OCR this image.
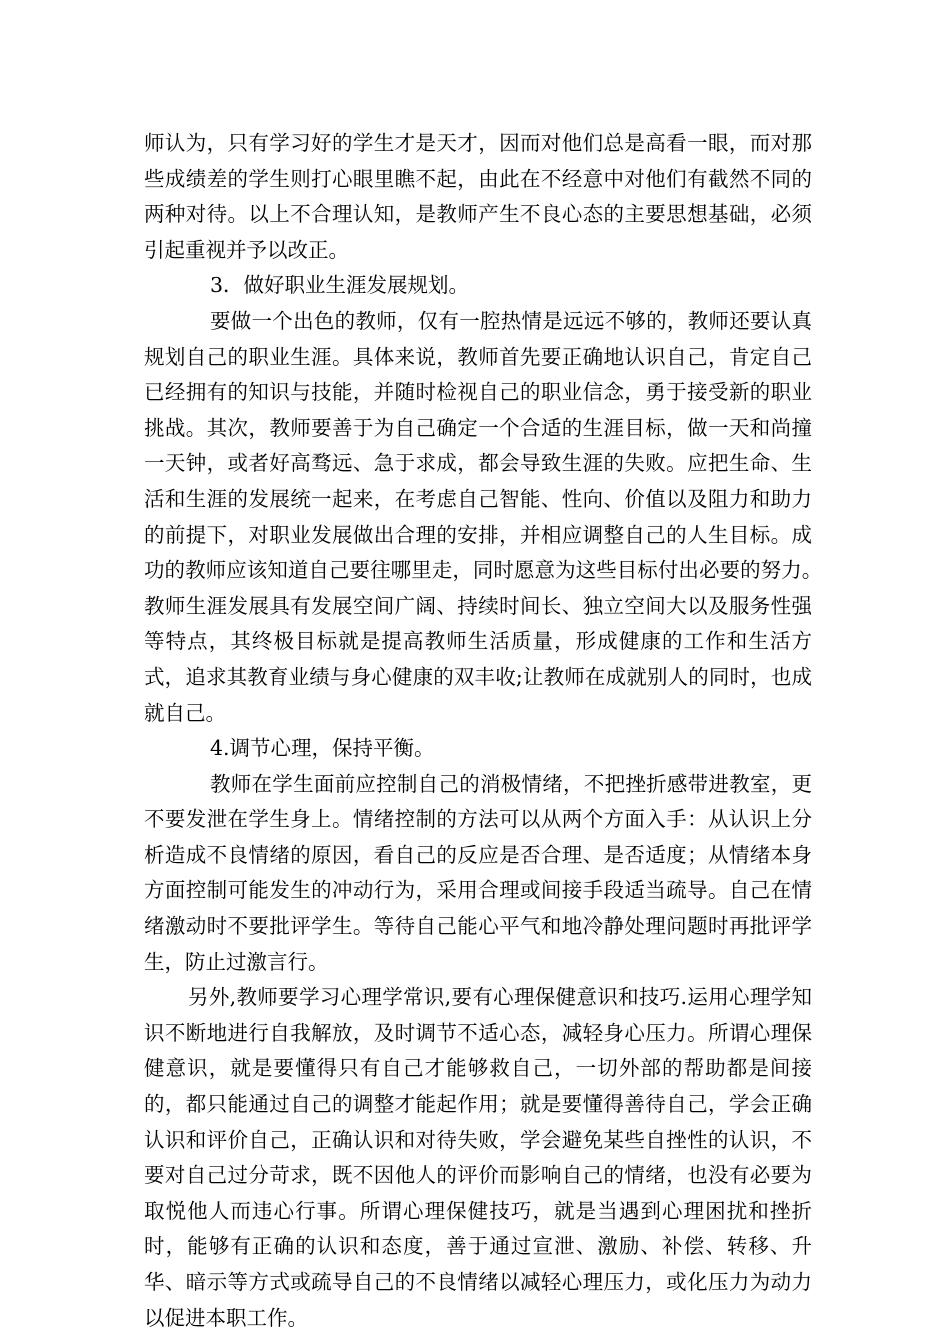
师认为，只有学习好的学生才是天才，因而对他们总是高看一眼，而对那些成绩差的学生则打心眼里瞧不起，由此在不经意中对他们有截然不同的两种对待。以上不合理认知，是教师产生不良心态的主要思想基础，必须引起重视并予以改正。

3．做好职业生涯发展规划。

要做一个出色的教师，仅有一腔热情是远远不够的，教师还要认真规划自己的职业生涯。具体来说，教师首先要正确地认识自己，肯定自己已经拥有的知识与技能，并随时检视自己的职业信念，勇于接受新的职业挑战。其次，教师要善于为自己确定一个合适的生涯目标，做一天和尚撞一天钟，或者好高骛远、急于求成，都会导致生涯的失败。应把生命、生活和生涯的发展统一起来，在考虑自己智能、性向、价值以及阻力和助力的前提下，对职业发展做出合理的安排，并相应调整自己的人生目标。成功的教师应该知道自己要往哪里走，同时愿意为这些目标付出必要的努力。　教师生涯发展具有发展空间广阔、持续时间长、独立空间大以及服务性强等特点，其终极目标就是提高教师生活质量，形成健康的工作和生活方式，追求其教育业绩与身心健康的双丰收;让教师在成就别人的同时，也成就自己。

4.调节心理，保持平衡。

教师在学生面前应控制自己的消极情绪，不把挫折感带进教室，更不要发泄在学生身上。情绪控制的方法可以从两个方面入手：从认识上分析造成不良情绪的原因，看自己的反应是否合理、是否适度；从情绪本身方面控制可能发生的冲动行为，采用合理或间接手段适当疏导。自己在情绪激动时不要批评学生。等待自己能心平气和地冷静处理问题时再批评学生，防止过激言行。

另外,教师要学习心理学常识,要有心理保健意识和技巧.运用心理学知识不断地进行自我解放，及时调节不适心态，减轻身心压力。所谓心理保健意识，就是要懂得只有自己才能够救自己，一切外部的帮助都是间接的，都只能通过自己的调整才能起作用；就是要懂得善待自己，学会正确认识和评价自己，正确认识和对待失败，学会避免某些自挫性的认识，不要对自己过分苛求，既不因他人的评价而影响自己的情绪，也没有必要为取悦他人而违心行事。所谓心理保健技巧，就是当遇到心理困扰和挫折时，能够有正确的认识和态度，善于通过宣泄、激励、补偿、转移、升华、暗示等方式或疏导自己的不良情绪以减轻心理压力，或化压力为动力以促进本职工作。
